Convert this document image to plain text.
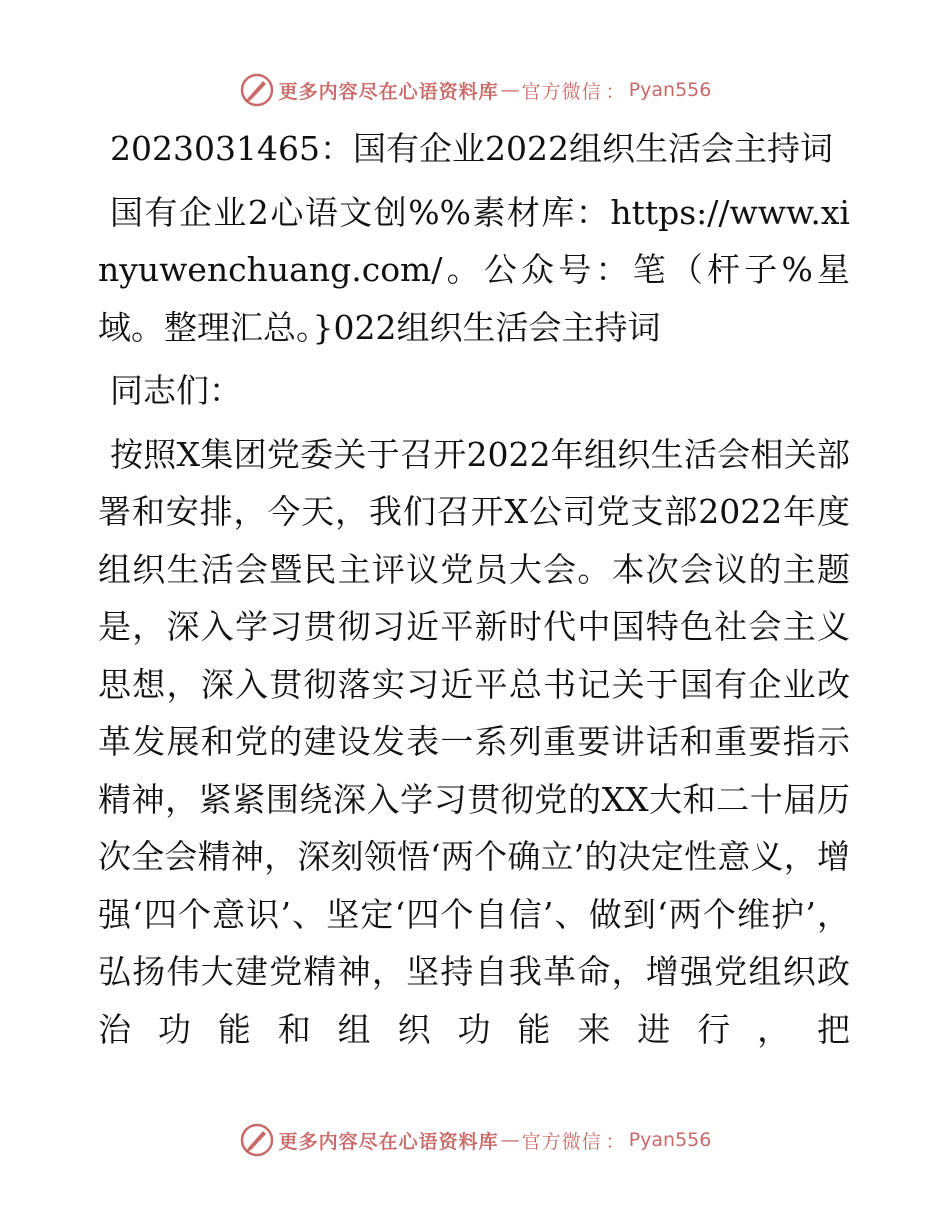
更多内容尽在心语资料库 — 官方微信 ： Pyan556

2023031465：国有企业2022组织生活会主持词

国有企业2心语文创%%素材库：https://www.xinyuwenchuang.com/。公众号：笔（杆子%星域。整理汇总。}022组织生活会主持词

同志们：

按照X集团党委关于召开2022年组织生活会相关部署和安排，今天，我们召开X公司党支部2022年度组织生活会暨民主评议党员大会。本次会议的主题是，深入学习贯彻习近平新时代中国特色社会主义思想，深入贯彻落实习近平总书记关于国有企业改革发展和党的建设发表一系列重要讲话和重要指示精神，紧紧围绕深入学习贯彻党的XX大和二十届历次全会精神，深刻领悟‘两个确立’的决定性意义，增强‘四个意识’、坚定‘四个自信’、做到‘两个维护’，弘扬伟大建党精神，坚持自我革命，增强党组织政治功能和组织功能来进行，把

更多内容尽在心语资料库 — 官方微信 ： Pyan556
